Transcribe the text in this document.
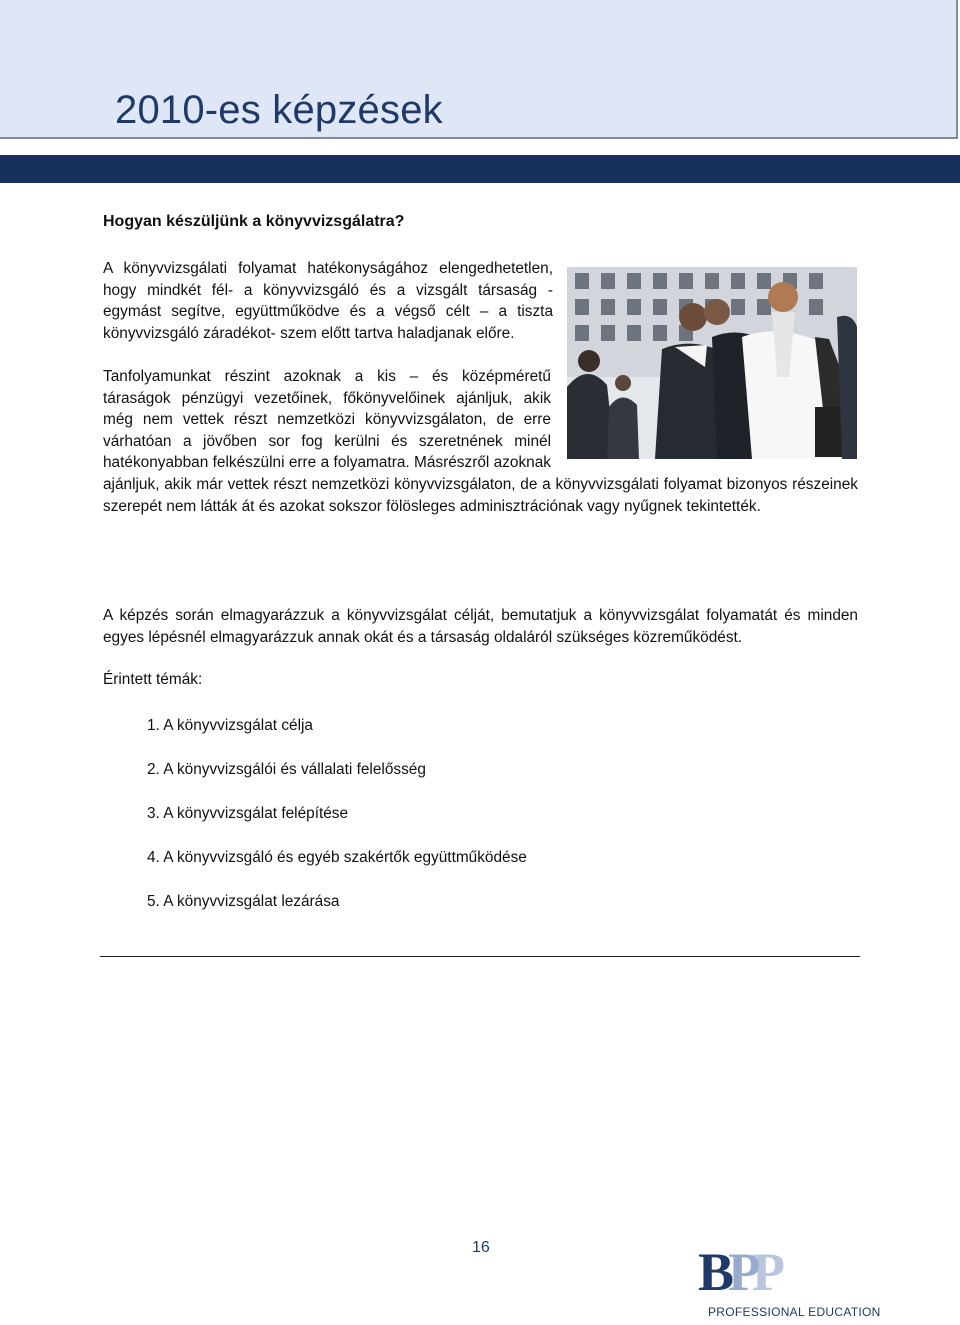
2010-es képzések
Hogyan készüljünk a könyvvizsgálatra?
A könyvvizsgálati folyamat hatékonyságához elengedhetetlen, hogy mindkét fél- a könyvvizsgáló és a vizsgált társaság - egymást segítve, együttműködve és a végső célt – a tiszta könyvvizsgáló záradékot- szem előtt tartva haladjanak előre.
Tanfolyamunkat részint azoknak a kis – és középméretű táraságok pénzügyi vezetőinek, főkönyvelőinek ajánljuk, akik még nem vettek részt nemzetközi könyvvizsgálaton, de erre várhatóan a jövőben sor fog kerülni és szeretnének minél hatékonyabban felkészülni erre a folyamatra. Másrészről azoknak ajánljuk, akik már vettek részt nemzetközi könyvvizsgálaton, de a könyvvizsgálati folyamat bizonyos részeinek szerepét nem látták át és azokat sokszor fölösleges adminisztrációnak vagy nyűgnek tekintették.
A képzés során elmagyarázzuk a könyvvizsgálat célját, bemutatjuk a könyvvizsgálat folyamatát és minden egyes lépésnél elmagyarázzuk annak okát és a társaság oldaláról szükséges közreműködést.
Érintett témák:
1. A könyvvizsgálat célja
2. A könyvvizsgálói és vállalati felelősség
3. A könyvvizsgálat felépítése
4. A könyvvizsgáló és egyéb szakértők együttműködése
5. A könyvvizsgálat lezárása
16	B
P
P
PROFESSIONAL EDUCATION
